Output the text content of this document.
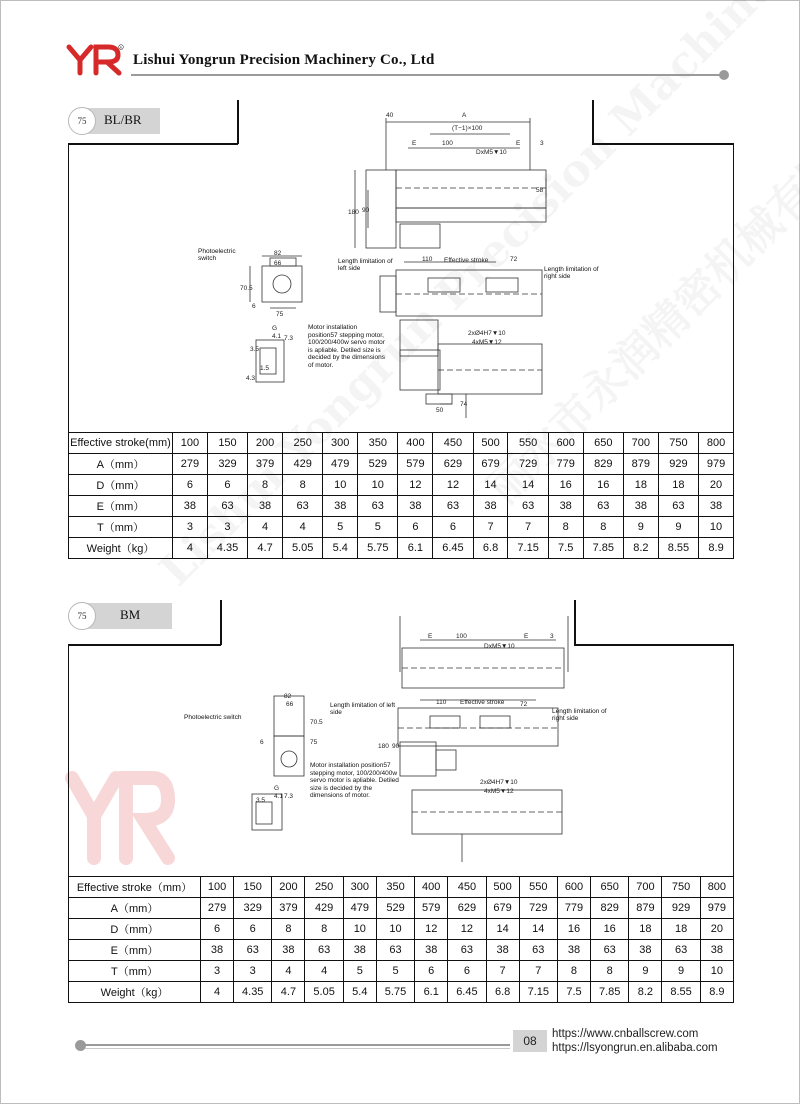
R
Lishui Yongrun Precision Machinery Co., Ltd
75	BL/BR	40	A
(T−1)×100
E	100	E	3
DxM5▼10
58
180 90
82
66
70.5
75
6
110	72
3.5
4.3
G
4.1 7.3
1.5
2xØ4H7▼10
4xM5▼12
74
50
Effective stroke
Photoelectric switch	Length limitation of left side	Length limitation of right side
Motor installation position57 stepping motor, 100/200/400w servo motor is apliable. Detiled size is decided by the dimensions of motor.
Effective stroke(mm)	100	150	200	250	300	350	400	450	500	550	600	650	700	750	800
A（mm）	279	329	379	429	479	529	579	629	679	729	779	829	879	929	979
D（mm）	6	6	8	8	10	10	12	12	14	14	16	16	18	18	20
E（mm）	38	63	38	63	38	63	38	63	38	63	38	63	38	63	38
T（mm）	3	3	4	4	5	5	6	6	7	7	8	8	9	9	10
Weight（kg）	4	4.35	4.7	5.05	5.4	5.75	6.1	6.45	6.8	7.15	7.5	7.85	8.2	8.55	8.9
75	BM
E	100	E	3
DxM5▼10
82
66
70.5
75
6
110	72
180 90
3.5
G
4.1 7.3
2xØ4H7▼10
4xM5▼12
Effective stroke
Photoelectric switch
Length limitation of left side	Length limitation of right side
Motor installation position57 stepping motor, 100/200/400w servo motor is apliable. Detiled size is decided by the dimensions of motor.
Effective stroke（mm）	100	150	200	250	300	350	400	450	500	550	600	650	700	750	800
A（mm）	279	329	379	429	479	529	579	629	679	729	779	829	879	929	979
D（mm）	6	6	8	8	10	10	12	12	14	14	16	16	18	18	20
E（mm）	38	63	38	63	38	63	38	63	38	63	38	63	38	63	38
T（mm）	3	3	4	4	5	5	6	6	7	7	8	8	9	9	10
Weight（kg）	4	4.35	4.7	5.05	5.4	5.75	6.1	6.45	6.8	7.15	7.5	7.85	8.2	8.55	8.9
08	https://www.cnballscrew.com
https://lsyongrun.en.alibaba.com
